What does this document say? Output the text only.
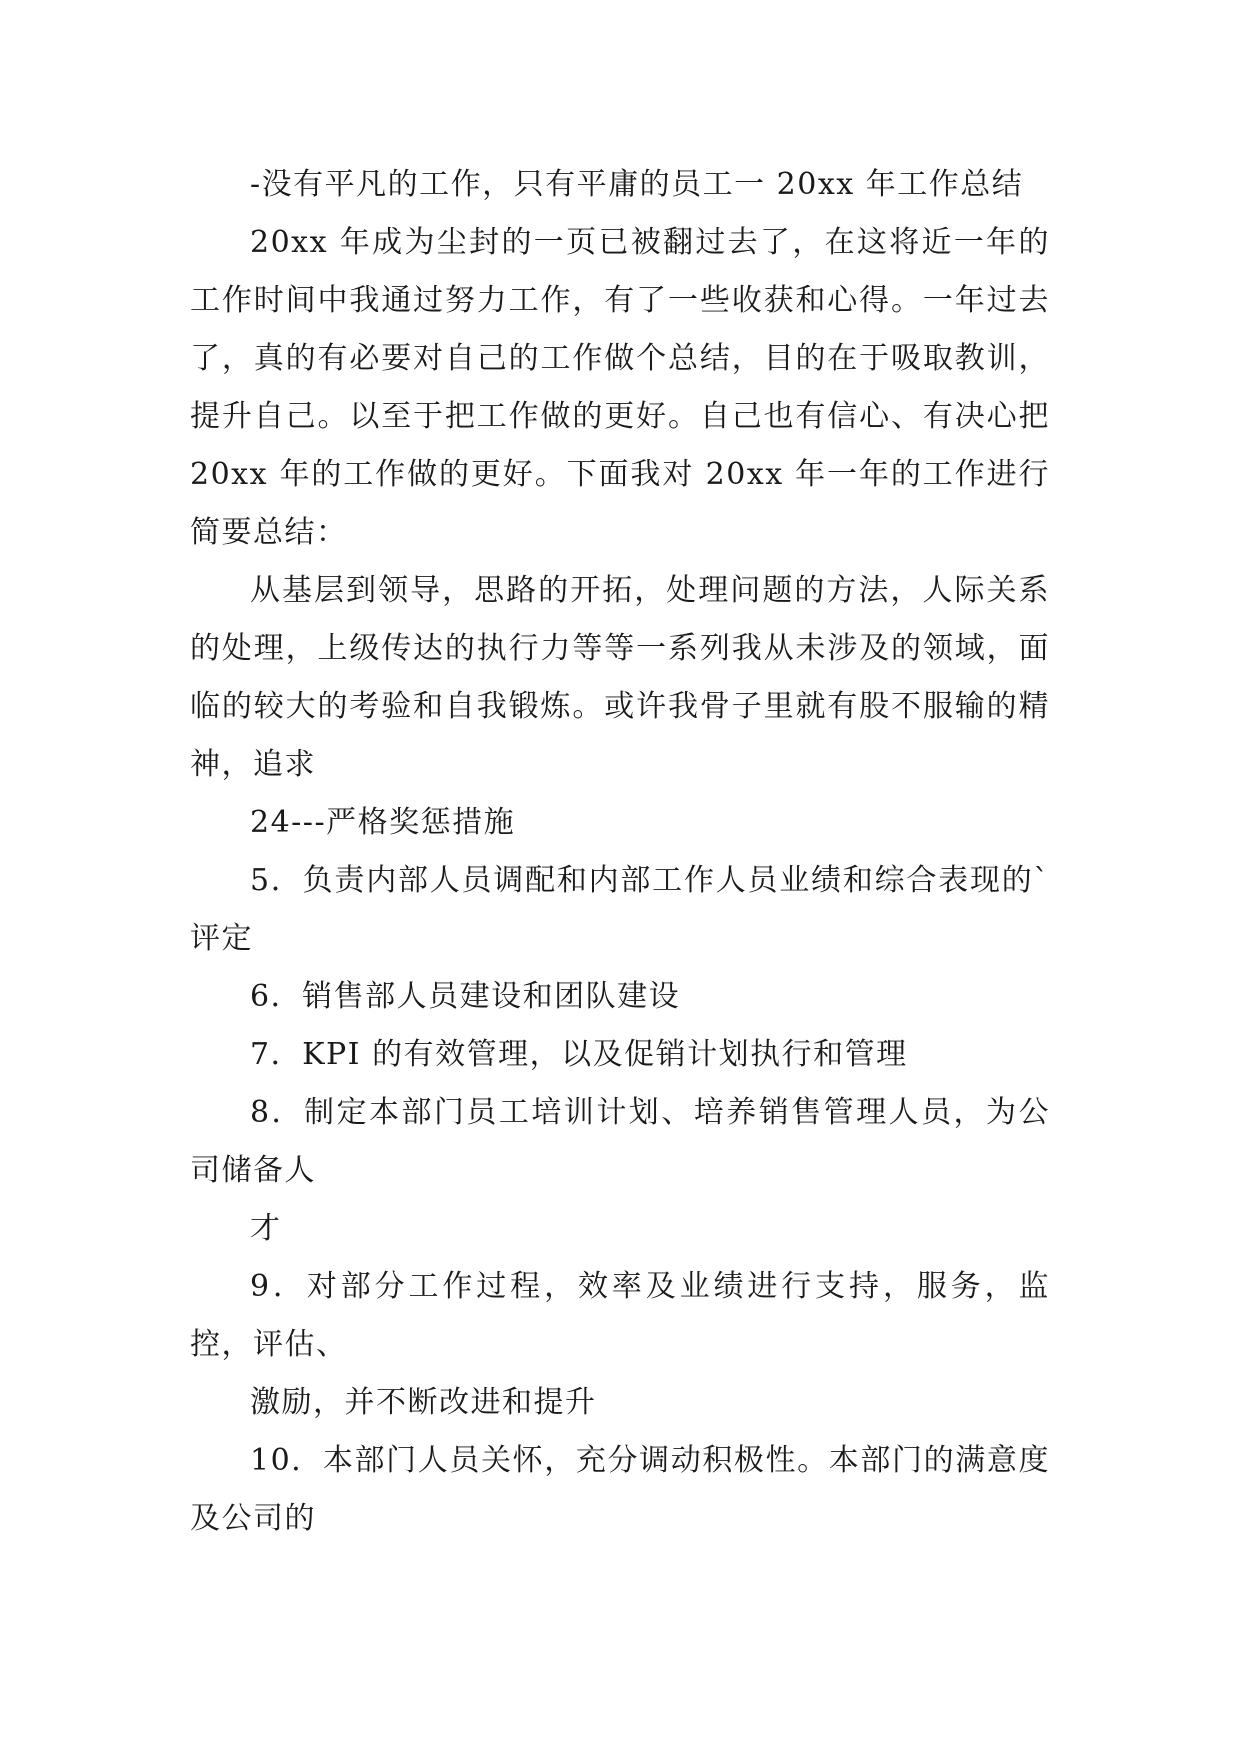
-没有平凡的工作，只有平庸的员工一 20xx 年工作总结

20xx 年成为尘封的一页已被翻过去了，在这将近一年的工作时间中我通过努力工作，有了一些收获和心得。一年过去了，真的有必要对自己的工作做个总结，目的在于吸取教训，提升自己。以至于把工作做的更好。自己也有信心、有决心把 20xx 年的工作做的更好。下面我对 20xx 年一年的工作进行简要总结：

从基层到领导，思路的开拓，处理问题的方法，人际关系的处理，上级传达的执行力等等一系列我从未涉及的领域，面临的较大的考验和自我锻炼。或许我骨子里就有股不服输的精神，追求

24---严格奖惩措施

5．负责内部人员调配和内部工作人员业绩和综合表现的`评定

6．销售部人员建设和团队建设

7．KPI 的有效管理，以及促销计划执行和管理

8．制定本部门员工培训计划、培养销售管理人员，为公司储备人

才

9．对部分工作过程，效率及业绩进行支持，服务，监控，评估、

激励，并不断改进和提升

10．本部门人员关怀，充分调动积极性。本部门的满意度及公司的
